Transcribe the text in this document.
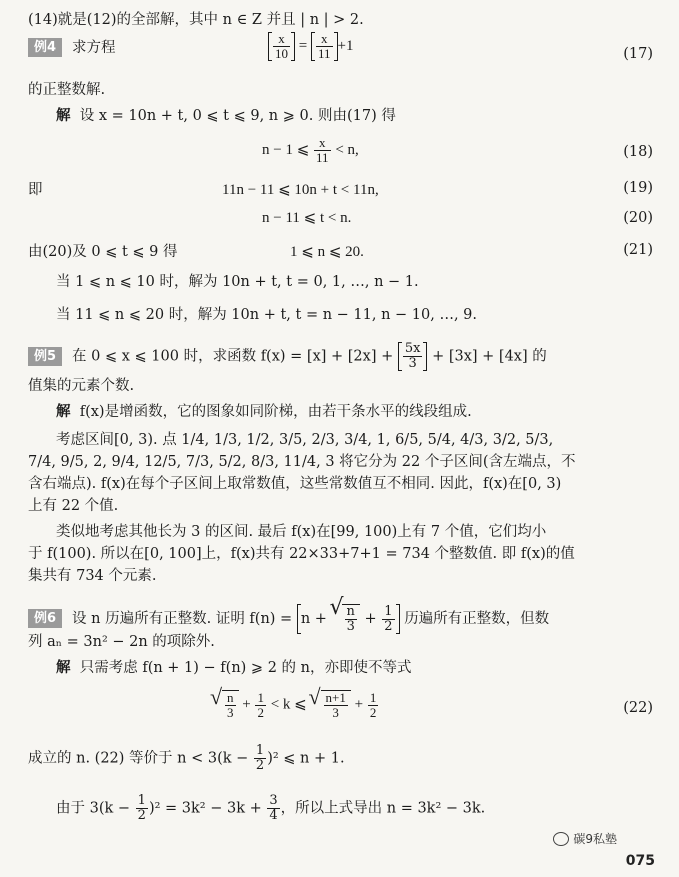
(14)就是(12)的全部解，其中 n ∈ Z 并且 | n | > 2.
例4 求方程	$\frac{x}{10} = \frac{x}{11} +1$
(17)
的正整数解.
解 设 x = 10n + t, 0 ⩽ t ⩽ 9, n ⩾ 0. 则由(17) 得
n − 1 ⩽ $\frac{x}{11} < n$,	(18)
即	11n − 11 ⩽ 10n + t < 11n,	(19)
n − 11 ⩽ t < n.	(20)
由(20)及 0 ⩽ t ⩽ 9 得	1 ⩽ n ⩽ 20.	(21)
当 1 ⩽ n ⩽ 10 时，解为 10n + t, t = 0, 1, …, n − 1.
当 11 ⩽ n ⩽ 20 时，解为 10n + t, t = n − 11, n − 10, …, 9.
例5 在 0 ⩽ x ⩽ 100 时，求函数 $f(x) = [x] + [2x] + \frac{5x}{3} + [3x] + [4x]$ 的
值集的元素个数.
解 f(x)是增函数，它的图象如同阶梯，由若干条水平的线段组成.
考虑区间[0, 3). 点 1/4, 1/3, 1/2, 3/5, 2/3, 3/4, 1, 6/5, 5/4, 4/3, 3/2, 5/3,
7/4, 9/5, 2, 9/4, 12/5, 7/3, 5/2, 8/3, 11/4, 3 将它分为 22 个子区间(含左端点，不
含右端点). f(x)在每个子区间上取常数值，这些常数值互不相同. 因此，f(x)在[0, 3)
上有 22 个值.
类似地考虑其他长为 3 的区间. 最后 f(x)在[99, 100)上有 7 个值，它们均小
于 f(100). 所以在[0, 100]上，f(x)共有 22×33+7+1 = 734 个整数值. 即 f(x)的值
集共有 734 个元素.
例6 设 n 历遍所有正整数. 证明 f(n) = n + √ $\frac{n}{3} + \frac{1}{2}$ 历遍所有正整数，但数
列 aₙ = 3n² − 2n 的项除外.
解 只需考虑 f(n + 1) − f(n) ⩾ 2 的 n，亦即使不等式
√ $\frac{n}{3} + \frac{1}{2} < k$ ⩽ √ $\frac{n+1}{3} + \frac{1}{2}$	(22)
成立的 n. (22) 等价于 $n < 3(k - \frac{1}{2} )^2$ ⩽ n + 1.
由于 $3(k - \frac{1}{2} )^2 = 3k^2 - 3k + \frac{3}{4}$ ，所以上式导出 n = 3k² − 3k.
碳9私塾
075
